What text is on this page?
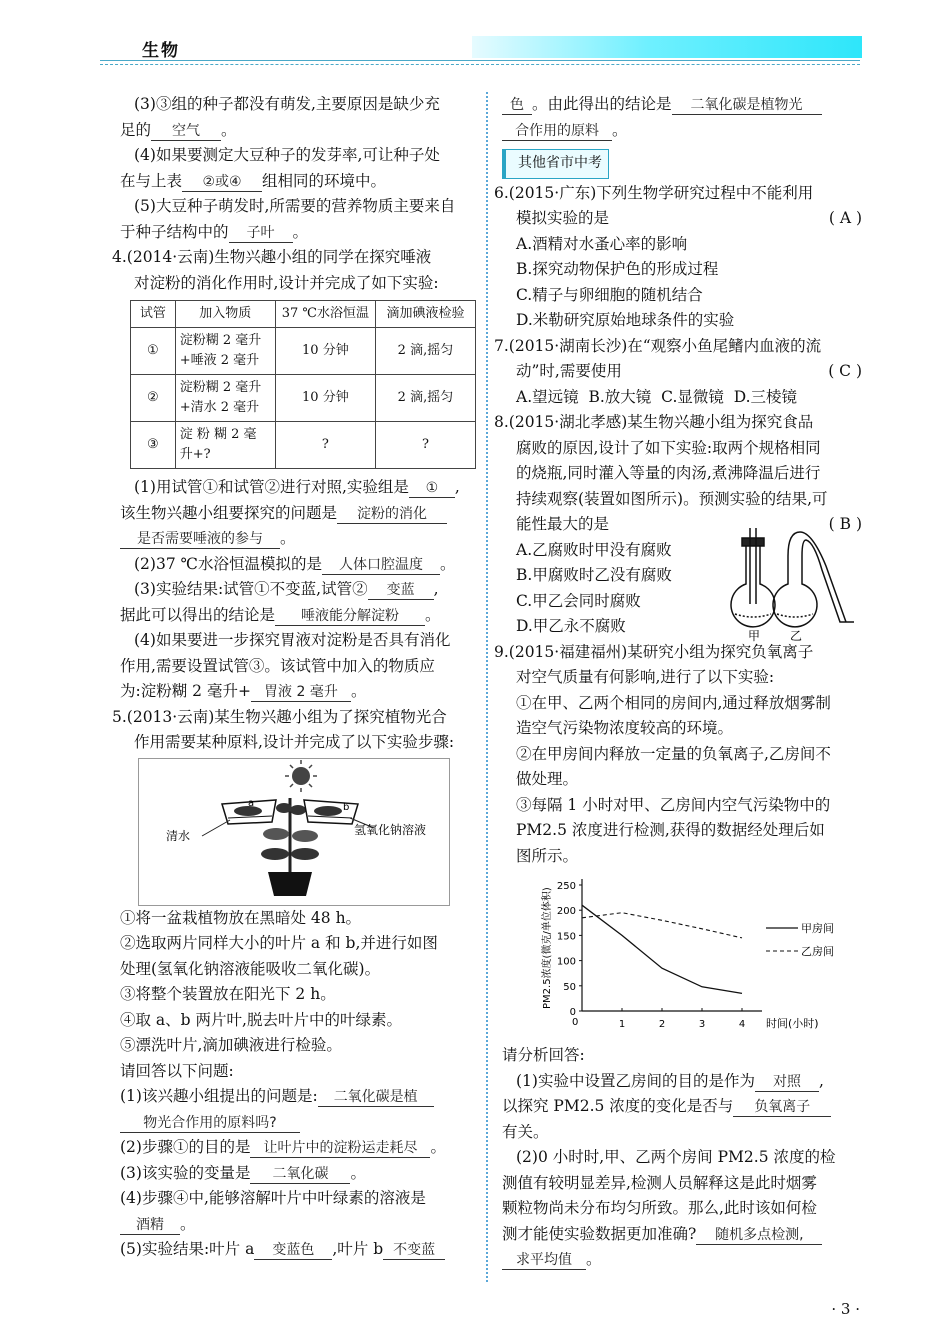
生物
(3)③组的种子都没有萌发,主要原因是缺少充
足的 空气 。
(4)如果要测定大豆种子的发芽率,可让种子处
在与上表 ②或④ 组相同的环境中。
(5)大豆种子萌发时,所需要的营养物质主要来自
于种子结构中的 子叶 。
4.(2014·云南)生物兴趣小组的同学在探究唾液
对淀粉的消化作用时,设计并完成了如下实验:
试管	加入物质	37 ℃水浴恒温	滴加碘液检验
①	淀粉糊 2 毫升
+唾液 2 毫升	10 分钟	2 滴,摇匀
②	淀粉糊 2 毫升
+清水 2 毫升	10 分钟	2 滴,摇匀
③	淀 粉 糊 2 毫
升+?	?	?
(1)用试管①和试管②进行对照,实验组是 ① ,
该生物兴趣小组要探究的问题是 淀粉的消化
是否需要唾液的参与 。
(2)37 ℃水浴恒温模拟的是 人体口腔温度 。
(3)实验结果:试管①不变蓝,试管② 变蓝 ,
据此可以得出的结论是 唾液能分解淀粉 。
(4)如果要进一步探究胃液对淀粉是否具有消化
作用,需要设置试管③。该试管中加入的物质应
为:淀粉糊 2 毫升+ 胃液 2 毫升 。
5.(2013·云南)某生物兴趣小组为了探究植物光合
作用需要某种原料,设计并完成了以下实验步骤:
a	b
清水	氢氧化钠溶液
①将一盆栽植物放在黑暗处 48 h。
②选取两片同样大小的叶片 a 和 b,并进行如图
处理(氢氧化钠溶液能吸收二氧化碳)。
③将整个装置放在阳光下 2 h。
④取 a、b 两片叶,脱去叶片中的叶绿素。
⑤漂洗叶片,滴加碘液进行检验。
请回答以下问题:
(1)该兴趣小组提出的问题是: 二氧化碳是植
物光合作用的原料吗?
(2)步骤①的目的是 让叶片中的淀粉运走耗尽 。
(3)该实验的变量是 二氧化碳 。
(4)步骤④中,能够溶解叶片中叶绿素的溶液是
酒精 。
(5)实验结果:叶片 a 变蓝色 ,叶片 b 不变蓝
色 。由此得出的结论是 二氧化碳是植物光
合作用的原料 。
其他省市中考
6.(2015·广东)下列生物学研究过程中不能利用
模拟实验的是	( A )
A.酒精对水蚤心率的影响
B.探究动物保护色的形成过程
C.精子与卵细胞的随机结合
D.米勒研究原始地球条件的实验
7.(2015·湖南长沙)在“观察小鱼尾鳍内血液的流
动”时,需要使用	( C )
A.望远镜  B.放大镜  C.显微镜  D.三棱镜
8.(2015·湖北孝感)某生物兴趣小组为探究食品
腐败的原因,设计了如下实验:取两个规格相同
的烧瓶,同时灌入等量的肉汤,煮沸降温后进行
持续观察(装置如图所示)。预测实验的结果,可
能性最大的是	( B )
A.乙腐败时甲没有腐败
B.甲腐败时乙没有腐败
C.甲乙会同时腐败
D.甲乙永不腐败
甲 乙
9.(2015·福建福州)某研究小组为探究负氧离子
对空气质量有何影响,进行了以下实验:
①在甲、乙两个相同的房间内,通过释放烟雾制
造空气污染物浓度较高的环境。
②在甲房间内释放一定量的负氧离子,乙房间不
做处理。
③每隔 1 小时对甲、乙房间内空气污染物中的
PM2.5 浓度进行检测,获得的数据经处理后如
图所示。
250
200
150
100
50
0
1	2	3	4
0
PM2.5浓度(微克/单位体积)
时间(小时)
甲房间
乙房间
请分析回答:
(1)实验中设置乙房间的目的是作为 对照 ,
以探究 PM2.5 浓度的变化是否与 负氧离子
有关。
(2)0 小时时,甲、乙两个房间 PM2.5 浓度的检
测值有较明显差异,检测人员解释这是此时烟雾
颗粒物尚未分布均匀所致。那么,此时该如何检
测才能使实验数据更加准确? 随机多点检测,
求平均值 。
· 3 ·
